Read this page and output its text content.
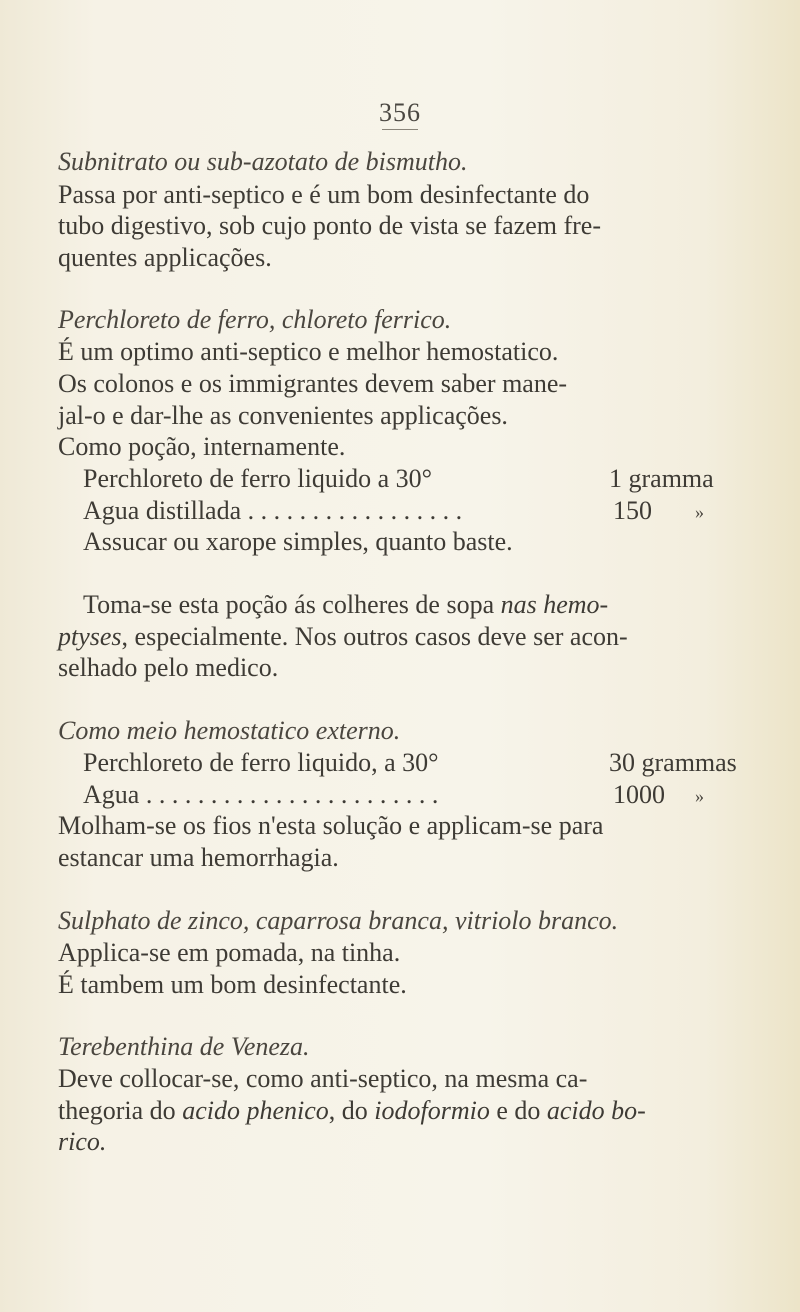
356
Subnitrato ou sub-azotato de bismutho.
Passa por anti-septico e é um bom desinfectante do
tubo digestivo, sob cujo ponto de vista se fazem fre-
quentes applicações.
Perchloreto de ferro, chloreto ferrico.
É um optimo anti-septico e melhor hemostatico.
Os colonos e os immigrantes devem saber mane-
jal-o e dar-lhe as convenientes applicações.
Como poção, internamente.
Perchloreto de ferro liquido a 30°	1 gramma
Agua distillada . . . . . . . . . . . . . . . . .	150 »
Assucar ou xarope simples, quanto baste.
Toma-se esta poção ás colheres de sopa nas hemo-
ptyses, especialmente. Nos outros casos deve ser acon-
selhado pelo medico.
Como meio hemostatico externo.
Perchloreto de ferro liquido, a 30°	30 grammas
Agua . . . . . . . . . . . . . . . . . . . . . . .	1000 »
Molham-se os fios n'esta solução e applicam-se para
estancar uma hemorrhagia.
Sulphato de zinco, caparrosa branca, vitriolo branco.
Applica-se em pomada, na tinha.
É tambem um bom desinfectante.
Terebenthina de Veneza.
Deve collocar-se, como anti-septico, na mesma ca-
thegoria do acido phenico, do iodoformio e do acido bo-
rico.
